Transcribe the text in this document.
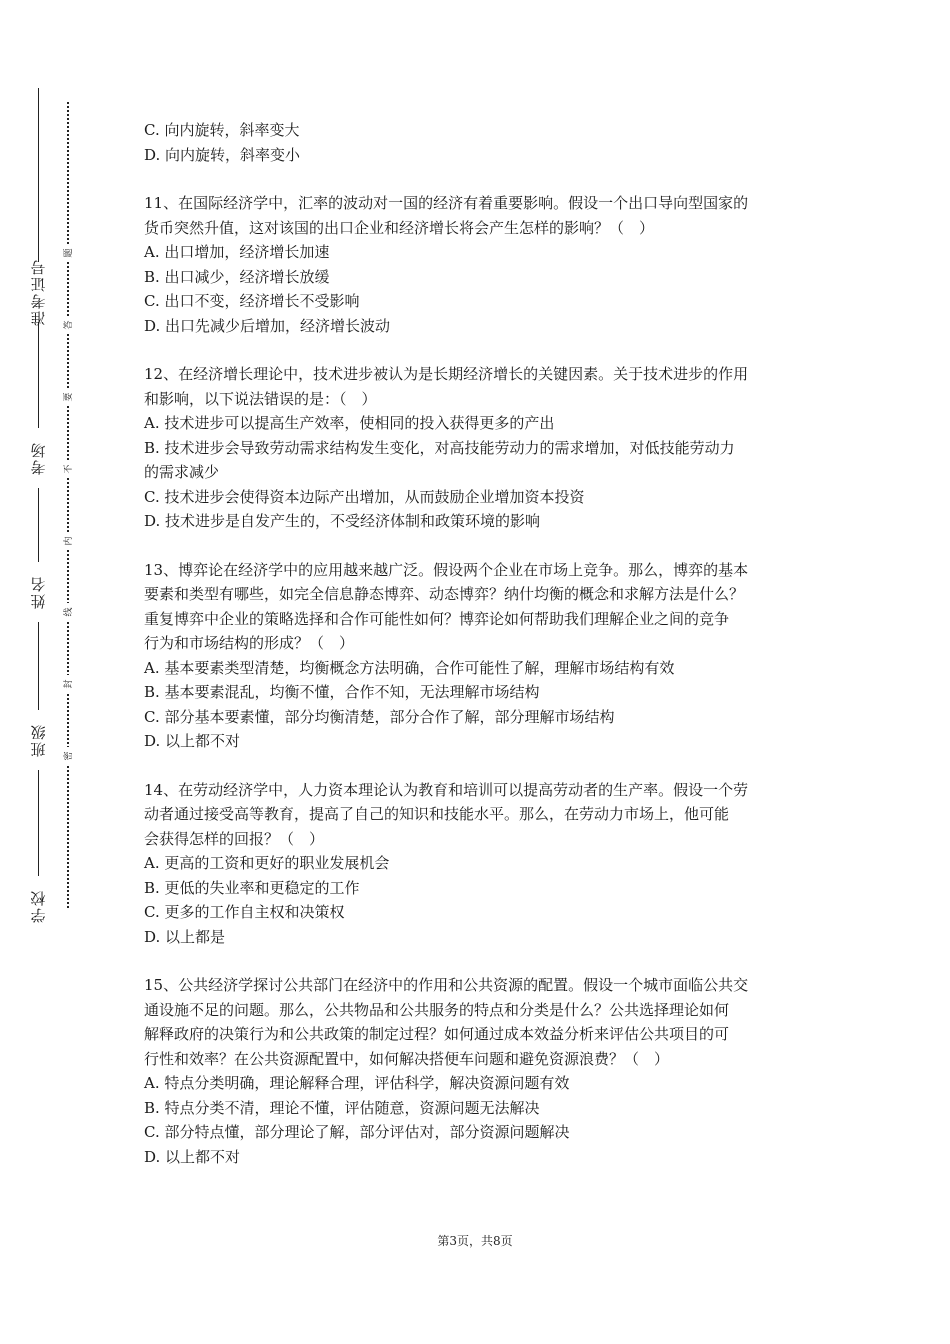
准考证号
考场
姓名
班级
学校
题
答
要
不
内
线
封
密
C. 向内旋转，斜率变大
D. 向内旋转，斜率变小
11、在国际经济学中，汇率的波动对一国的经济有着重要影响。假设一个出口导向型国家的
货币突然升值，这对该国的出口企业和经济增长将会产生怎样的影响？（　）
A. 出口增加，经济增长加速
B. 出口减少，经济增长放缓
C. 出口不变，经济增长不受影响
D. 出口先减少后增加，经济增长波动
12、在经济增长理论中，技术进步被认为是长期经济增长的关键因素。关于技术进步的作用
和影响，以下说法错误的是：（　）
A. 技术进步可以提高生产效率，使相同的投入获得更多的产出
B. 技术进步会导致劳动需求结构发生变化，对高技能劳动力的需求增加，对低技能劳动力
的需求减少
C. 技术进步会使得资本边际产出增加，从而鼓励企业增加资本投资
D. 技术进步是自发产生的，不受经济体制和政策环境的影响
13、博弈论在经济学中的应用越来越广泛。假设两个企业在市场上竞争。那么，博弈的基本
要素和类型有哪些，如完全信息静态博弈、动态博弈？纳什均衡的概念和求解方法是什么？
重复博弈中企业的策略选择和合作可能性如何？博弈论如何帮助我们理解企业之间的竞争
行为和市场结构的形成？（　）
A. 基本要素类型清楚，均衡概念方法明确，合作可能性了解，理解市场结构有效
B. 基本要素混乱，均衡不懂，合作不知，无法理解市场结构
C. 部分基本要素懂，部分均衡清楚，部分合作了解，部分理解市场结构
D. 以上都不对
14、在劳动经济学中，人力资本理论认为教育和培训可以提高劳动者的生产率。假设一个劳
动者通过接受高等教育，提高了自己的知识和技能水平。那么，在劳动力市场上，他可能
会获得怎样的回报？（　）
A. 更高的工资和更好的职业发展机会
B. 更低的失业率和更稳定的工作
C. 更多的工作自主权和决策权
D. 以上都是
15、公共经济学探讨公共部门在经济中的作用和公共资源的配置。假设一个城市面临公共交
通设施不足的问题。那么，公共物品和公共服务的特点和分类是什么？公共选择理论如何
解释政府的决策行为和公共政策的制定过程？如何通过成本效益分析来评估公共项目的可
行性和效率？在公共资源配置中，如何解决搭便车问题和避免资源浪费？（　）
A. 特点分类明确，理论解释合理，评估科学，解决资源问题有效
B. 特点分类不清，理论不懂，评估随意，资源问题无法解决
C. 部分特点懂，部分理论了解，部分评估对，部分资源问题解决
D. 以上都不对
第3页，共8页
